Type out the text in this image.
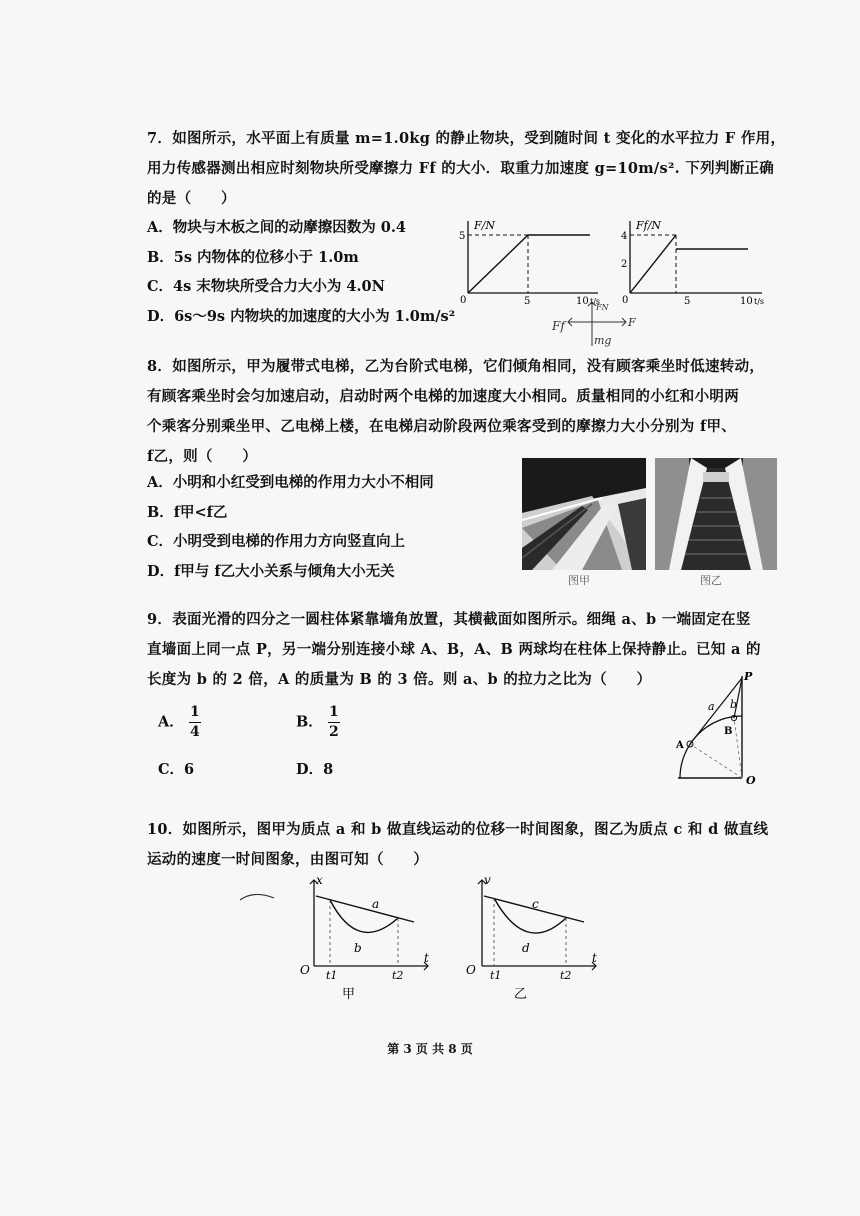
7．如图所示，水平面上有质量 m=1.0kg 的静止物块，受到随时间 t 变化的水平拉力 F 作用，

用力传感器测出相应时刻物块所受摩擦力 Ff 的大小．取重力加速度 g=10m/s². 下列判断正确

的是（　　）

A．物块与木板之间的动摩擦因数为 0.4

B．5s 内物体的位移小于 1.0m

C．4s 末物块所受合力大小为 4.0N

D．6s～9s 内物块的加速度的大小为 1.0m/s²

F/N
5
0	5	10 t/s
Ff/N
4
2
0	5	10 t/s
Ff
FN
mg
F

8．如图所示，甲为履带式电梯，乙为台阶式电梯，它们倾角相同，没有顾客乘坐时低速转动，

有顾客乘坐时会匀加速启动，启动时两个电梯的加速度大小相同。质量相同的小红和小明两

个乘客分别乘坐甲、乙电梯上楼，在电梯启动阶段两位乘客受到的摩擦力大小分别为 f甲、

f乙，则（　　）

A．小明和小红受到电梯的作用力大小不相同

B．f甲<f乙

C．小明受到电梯的作用力方向竖直向上

D．f甲与 f乙大小关系与倾角大小无关

图甲	图乙

9．表面光滑的四分之一圆柱体紧靠墙角放置，其横截面如图所示。细绳 a、b 一端固定在竖

直墙面上同一点 P，另一端分别连接小球 A、B，A、B 两球均在柱体上保持静止。已知 a 的

长度为 b 的 2 倍，A 的质量为 B 的 3 倍。则 a、b 的拉力之比为（　　）

A． $\frac{1}{4}$	B． $\frac{1}{2}$
C．6	D．8
P
a b
A
B
O

10．如图所示，图甲为质点 a 和 b 做直线运动的位移一时间图象，图乙为质点 c 和 d 做直线

运动的速度一时间图象，由图可知（　　）

x
t
O t1	t2
a
b
甲
v
t
O t1	t2
c
d
乙
第 3 页 共 8 页
